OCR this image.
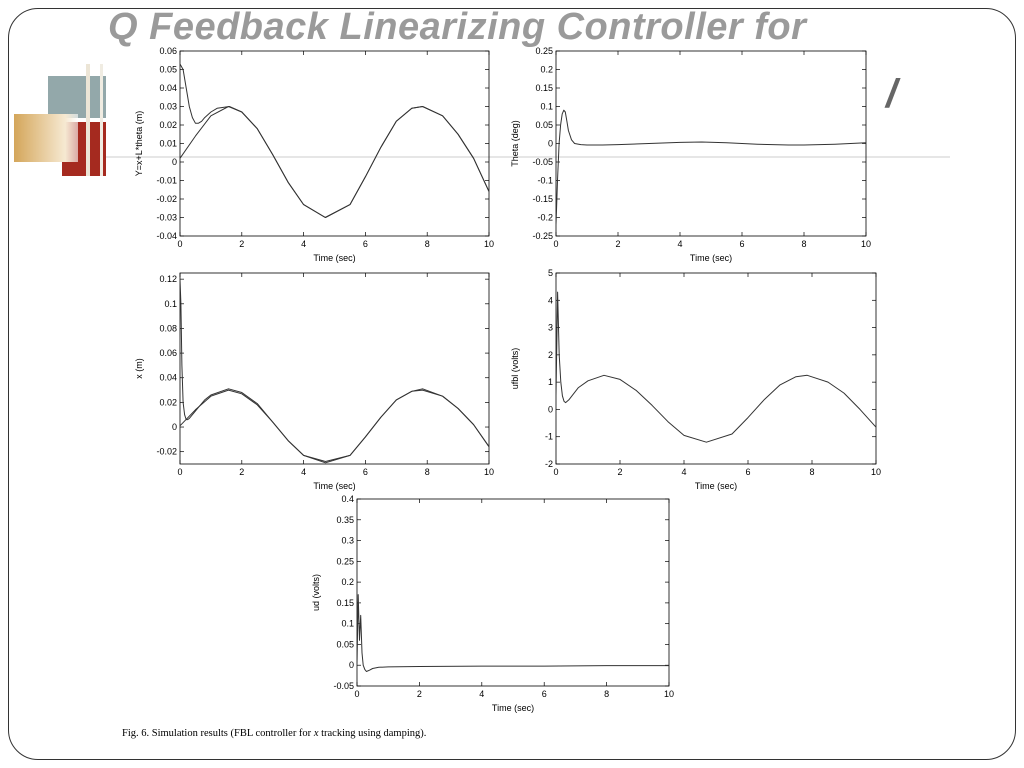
Q Feedback Linearizing Controller for
/
0	2	4	6	8	10
-0.04
-0.03
-0.02
-0.01
0
0.01
0.02
0.03
0.04
0.05
0.06
Time (sec)
Y=x+L*theta (m)
0	2	4	6	8	10
-0.25
-0.2
-0.15
-0.1
-0.05
0
0.05
0.1
0.15
0.2
0.25
Time (sec)
Theta (deg)
0	2	4	6	8	10
-0.02
0
0.02
0.04
0.06
0.08
0.1
0.12
Time (sec)
x (m)
0	2	4	6	8	10
-2
-1
0
1
2
3
4
5
Time (sec)
ufbl (volts)
0	2	4	6	8	10
-0.05
0
0.05
0.1
0.15
0.2
0.25
0.3
0.35
0.4
Time (sec)
ud (volts)
Fig. 6. Simulation results (FBL controller for x tracking using damping).
